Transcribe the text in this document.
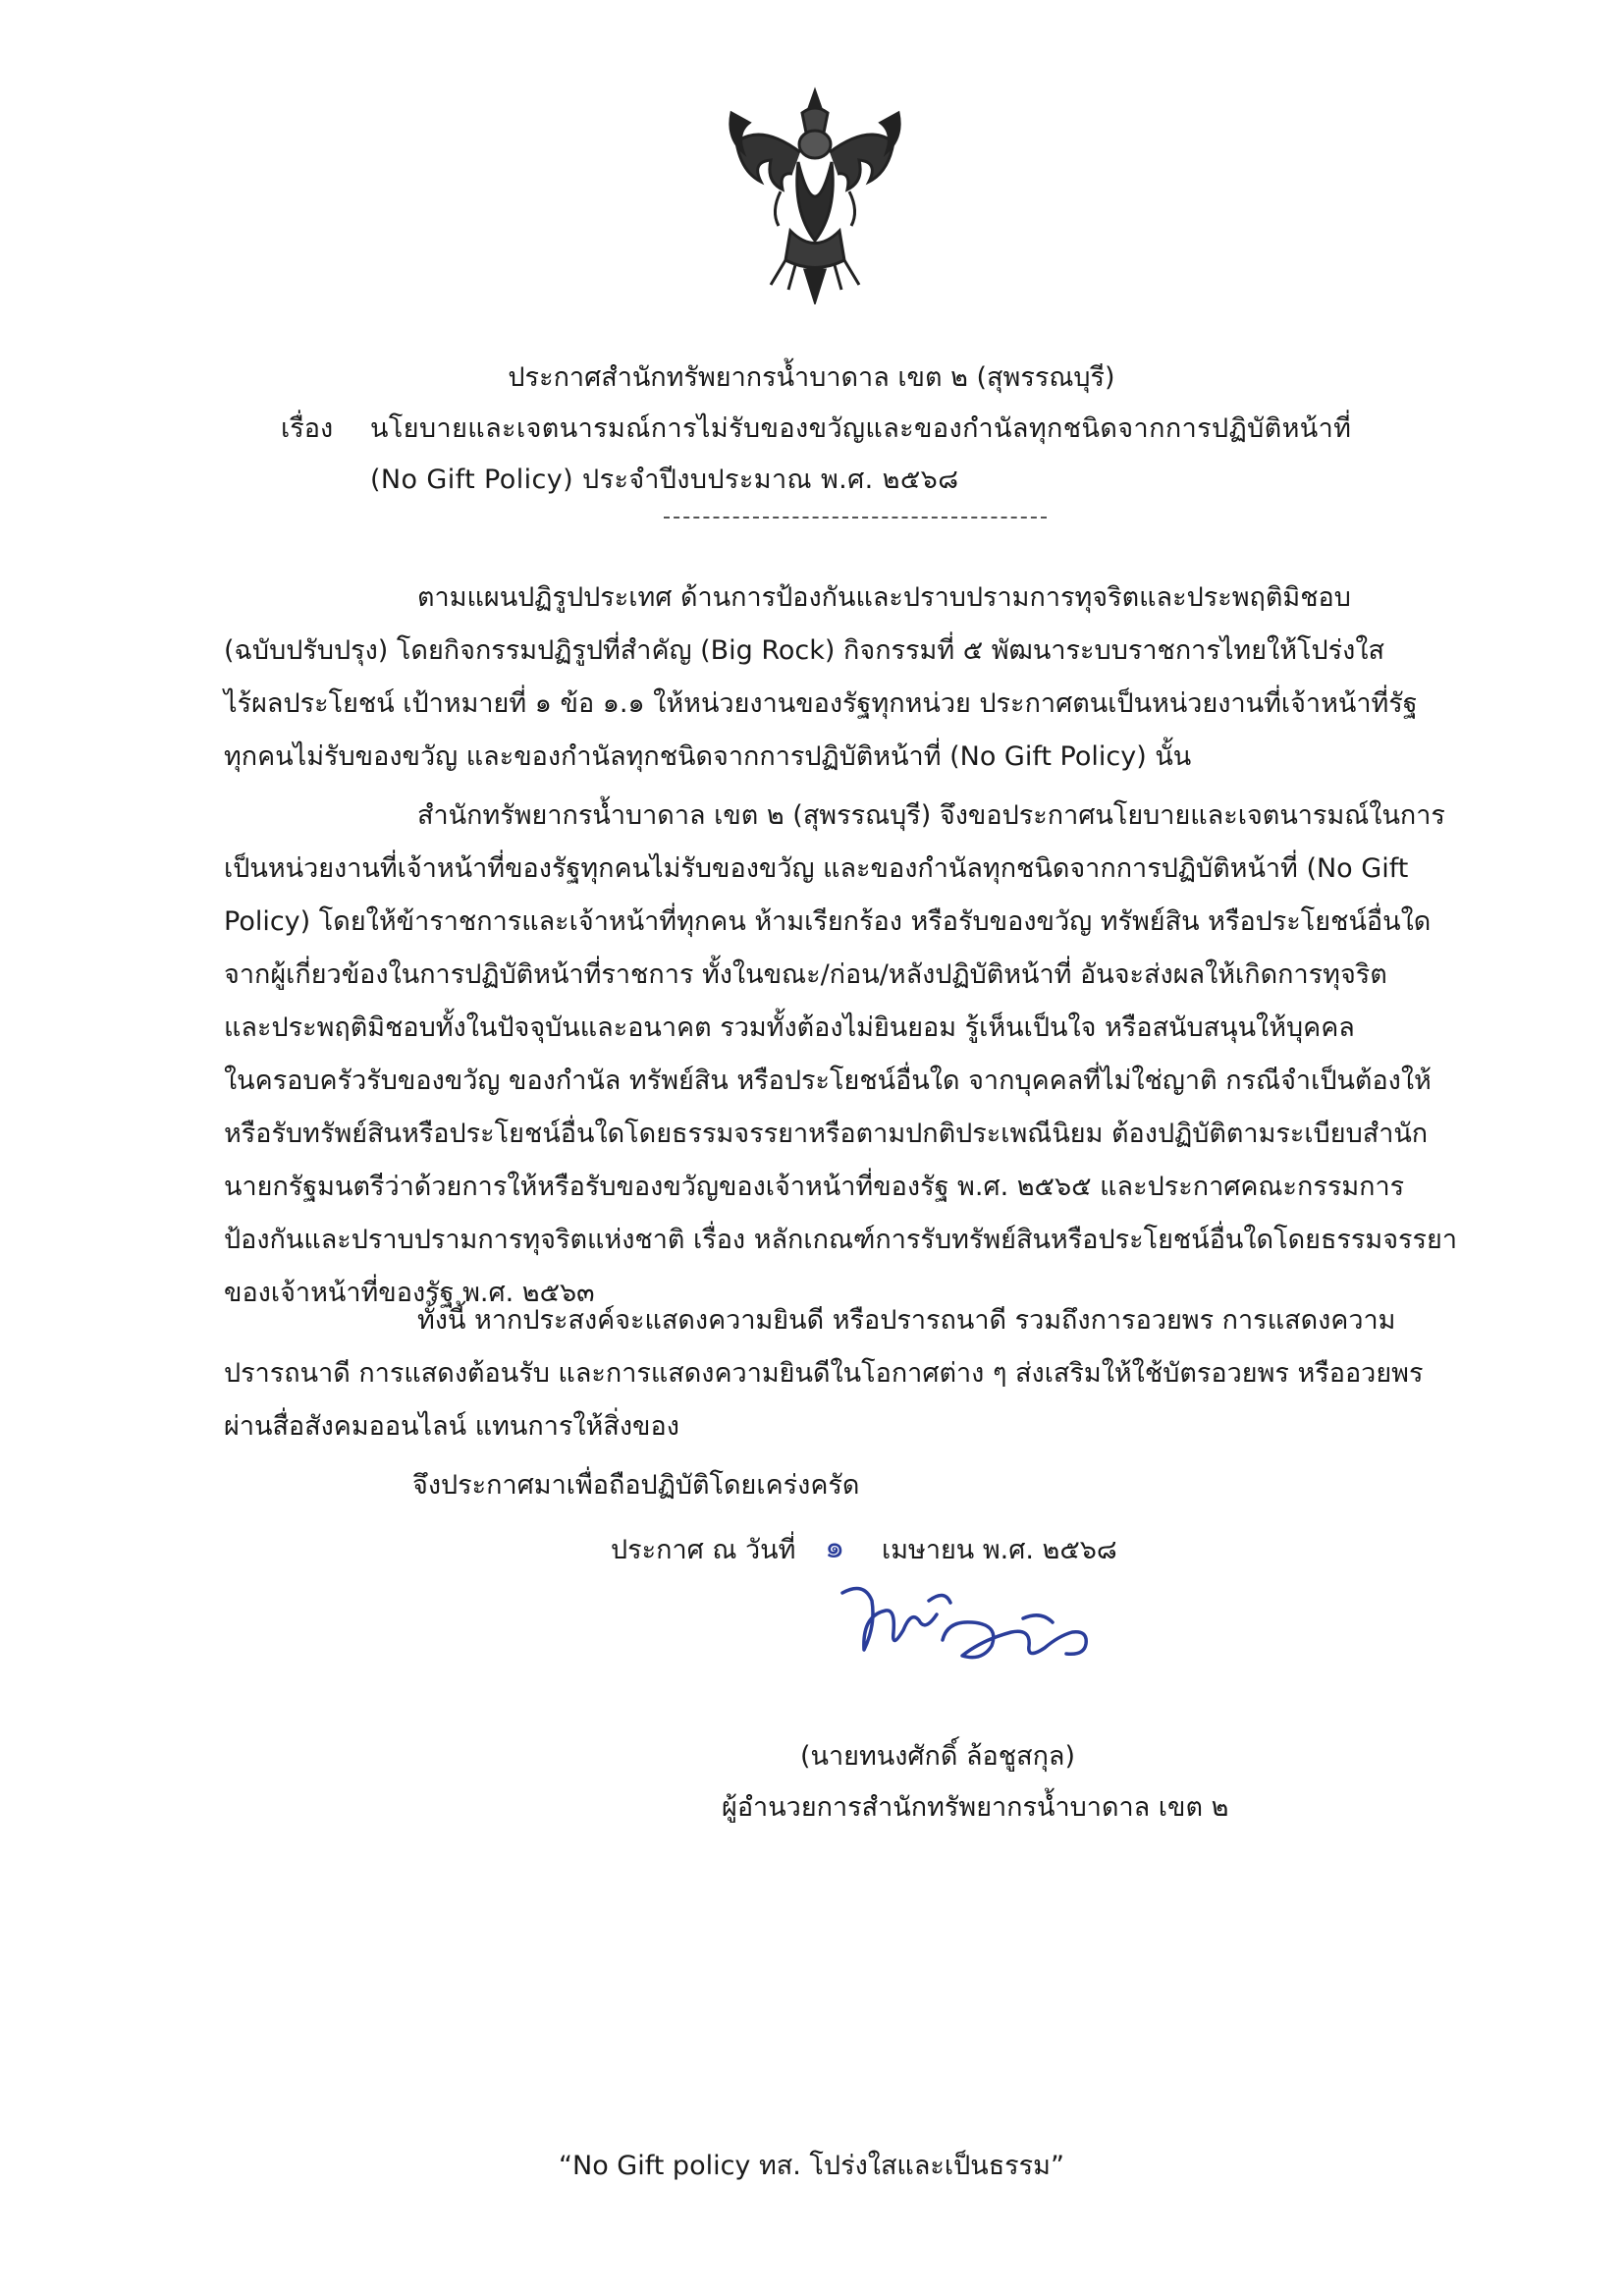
ประกาศสำนักทรัพยากรน้ำบาดาล เขต ๒ (สุพรรณบุรี)
เรื่อง นโยบายและเจตนารมณ์การไม่รับของขวัญและของกำนัลทุกชนิดจากการปฏิบัติหน้าที่
(No Gift Policy) ประจำปีงบประมาณ พ.ศ. ๒๕๖๘
ตามแผนปฏิรูปประเทศ ด้านการป้องกันและปราบปรามการทุจริตและประพฤติมิชอบ
(ฉบับปรับปรุง) โดยกิจกรรมปฏิรูปที่สำคัญ (Big Rock) กิจกรรมที่ ๕ พัฒนาระบบราชการไทยให้โปร่งใส
ไร้ผลประโยชน์ เป้าหมายที่ ๑ ข้อ ๑.๑ ให้หน่วยงานของรัฐทุกหน่วย ประกาศตนเป็นหน่วยงานที่เจ้าหน้าที่รัฐ
ทุกคนไม่รับของขวัญ และของกำนัลทุกชนิดจากการปฏิบัติหน้าที่ (No Gift Policy) นั้น
สำนักทรัพยากรน้ำบาดาล เขต ๒ (สุพรรณบุรี) จึงขอประกาศนโยบายและเจตนารมณ์ในการ
เป็นหน่วยงานที่เจ้าหน้าที่ของรัฐทุกคนไม่รับของขวัญ และของกำนัลทุกชนิดจากการปฏิบัติหน้าที่ (No Gift
Policy) โดยให้ข้าราชการและเจ้าหน้าที่ทุกคน ห้ามเรียกร้อง หรือรับของขวัญ ทรัพย์สิน หรือประโยชน์อื่นใด
จากผู้เกี่ยวข้องในการปฏิบัติหน้าที่ราชการ ทั้งในขณะ/ก่อน/หลังปฏิบัติหน้าที่ อันจะส่งผลให้เกิดการทุจริต
และประพฤติมิชอบทั้งในปัจจุบันและอนาคต รวมทั้งต้องไม่ยินยอม รู้เห็นเป็นใจ หรือสนับสนุนให้บุคคล
ในครอบครัวรับของขวัญ ของกำนัล ทรัพย์สิน หรือประโยชน์อื่นใด จากบุคคลที่ไม่ใช่ญาติ กรณีจำเป็นต้องให้
หรือรับทรัพย์สินหรือประโยชน์อื่นใดโดยธรรมจรรยาหรือตามปกติประเพณีนิยม ต้องปฏิบัติตามระเบียบสำนัก
นายกรัฐมนตรีว่าด้วยการให้หรือรับของขวัญของเจ้าหน้าที่ของรัฐ พ.ศ. ๒๕๖๕ และประกาศคณะกรรมการ
ป้องกันและปราบปรามการทุจริตแห่งชาติ เรื่อง หลักเกณฑ์การรับทรัพย์สินหรือประโยชน์อื่นใดโดยธรรมจรรยา
ของเจ้าหน้าที่ของรัฐ พ.ศ. ๒๕๖๓
ทั้งนี้ หากประสงค์จะแสดงความยินดี หรือปรารถนาดี รวมถึงการอวยพร การแสดงความ
ปรารถนาดี การแสดงต้อนรับ และการแสดงความยินดีในโอกาศต่าง ๆ ส่งเสริมให้ใช้บัตรอวยพร หรืออวยพร
ผ่านสื่อสังคมออนไลน์ แทนการให้สิ่งของ
จึงประกาศมาเพื่อถือปฏิบัติโดยเคร่งครัด
ประกาศ ณ วันที่ ๑ เมษายน พ.ศ. ๒๕๖๘
(นายทนงศักดิ์ ล้อชูสกุล)
ผู้อำนวยการสำนักทรัพยากรน้ำบาดาล เขต ๒
“No Gift policy ทส. โปร่งใสและเป็นธรรม”
